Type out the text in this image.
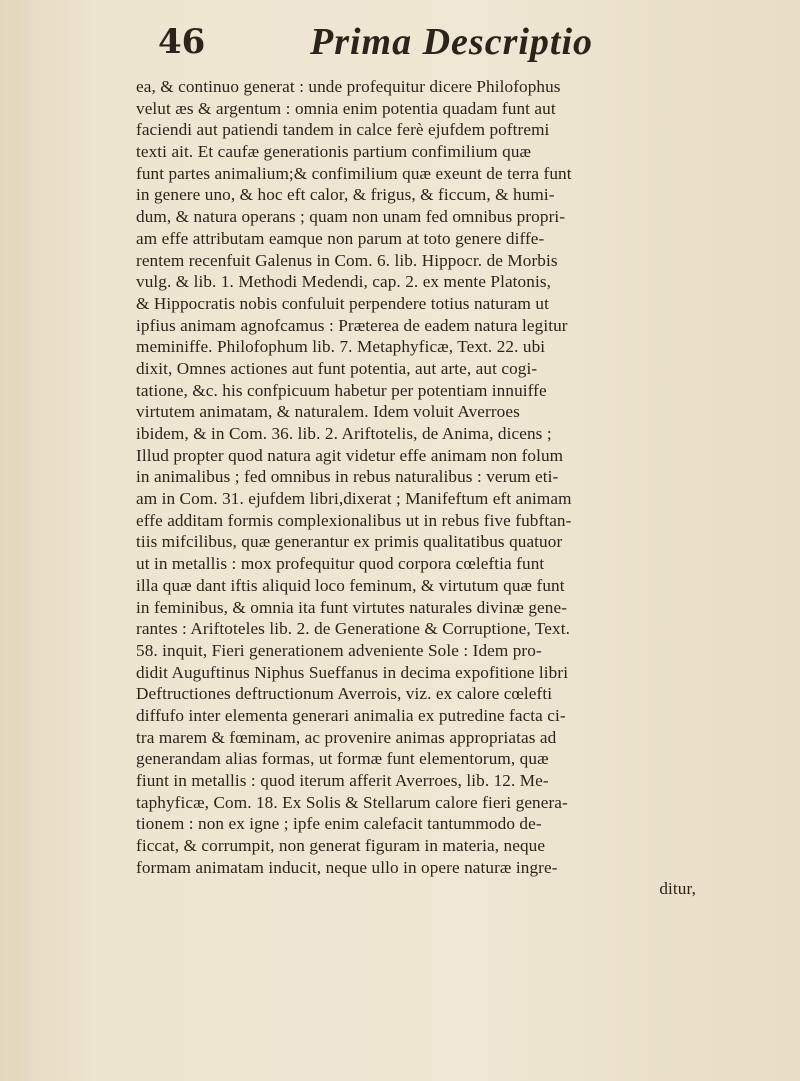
46	Prima Descriptio
ea, & continuo generat : unde profequitur dicere Philofophus
velut æs & argentum : omnia enim potentia quadam funt aut
faciendi aut patiendi tandem in calce ferè ejufdem poftremi
texti ait. Et caufæ generationis partium confimilium quæ
funt partes animalium;& confimilium quæ exeunt de terra funt
in genere uno, & hoc eft calor, & frigus, & ficcum, & humi-
dum, & natura operans ; quam non unam fed omnibus propri-
am effe attributam eamque non parum at toto genere diffe-
rentem recenfuit Galenus in Com. 6. lib. Hippocr. de Morbis
vulg. & lib. 1. Methodi Medendi, cap. 2. ex mente Platonis,
& Hippocratis nobis confuluit perpendere totius naturam ut
ipfius animam agnofcamus : Præterea de eadem natura legitur
meminiffe. Philofophum lib. 7. Metaphyficæ, Text. 22. ubi
dixit, Omnes actiones aut funt potentia, aut arte, aut cogi-
tatione, &c. his confpicuum habetur per potentiam innuiffe
virtutem animatam, & naturalem. Idem voluit Averroes
ibidem, & in Com. 36. lib. 2. Ariftotelis, de Anima, dicens ;
Illud propter quod natura agit videtur effe animam non folum
in animalibus ; fed omnibus in rebus naturalibus : verum eti-
am in Com. 31. ejufdem libri,dixerat ; Manifeftum eft animam
effe additam formis complexionalibus ut in rebus five fubftan-
tiis mifcilibus, quæ generantur ex primis qualitatibus quatuor
ut in metallis : mox profequitur quod corpora cœleftia funt
illa quæ dant iftis aliquid loco feminum, & virtutum quæ funt
in feminibus, & omnia ita funt virtutes naturales divinæ gene-
rantes : Ariftoteles lib. 2. de Generatione & Corruptione, Text.
58. inquit, Fieri generationem adveniente Sole : Idem pro-
didit Auguftinus Niphus Sueffanus in decima expofitione libri
Deftructiones deftructionum Averrois, viz. ex calore cœlefti
diffufo inter elementa generari animalia ex putredine facta ci-
tra marem & fœminam, ac provenire animas appropriatas ad
generandam alias formas, ut formæ funt elementorum, quæ
fiunt in metallis : quod iterum afferit Averroes, lib. 12. Me-
taphyficæ, Com. 18. Ex Solis & Stellarum calore fieri genera-
tionem : non ex igne ; ipfe enim calefacit tantummodo de-
ficcat, & corrumpit, non generat figuram in materia, neque
formam animatam inducit, neque ullo in opere naturæ ingre-
ditur,
